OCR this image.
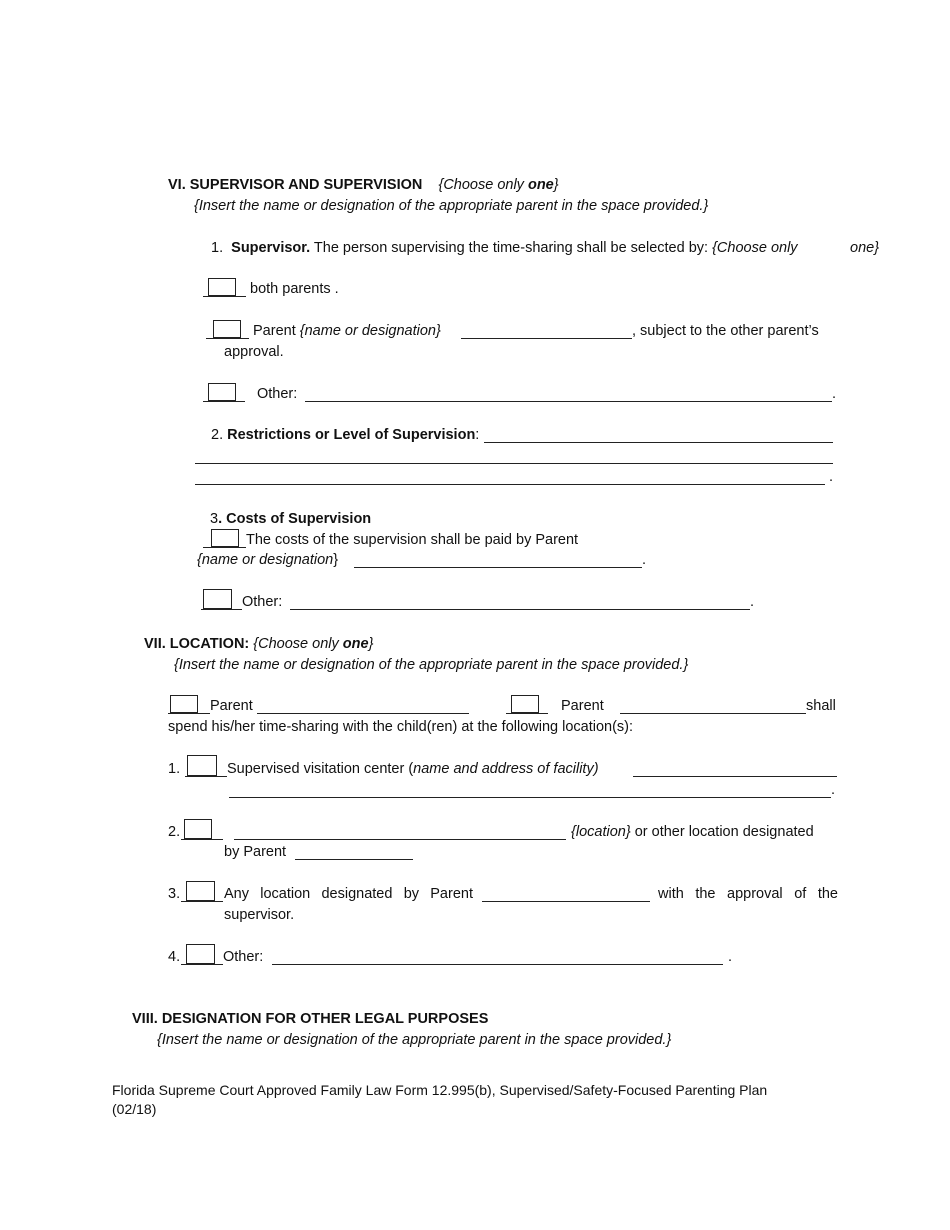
VI. SUPERVISOR AND SUPERVISION {Choose only one}
{Insert the name or designation of the appropriate parent in the space provided.}
1. Supervisor. The person supervising the time-sharing shall be selected by: {Choose only	one}
both parents .
Parent {name or designation}	, subject to the other parent’s
approval.
Other:	.
2. Restrictions or Level of Supervision:
.
3. Costs of Supervision
The costs of the supervision shall be paid by Parent
{name or designation}	.
Other:	.
VII. LOCATION: {Choose only one}
{Insert the name or designation of the appropriate parent in the space provided.}
Parent	Parent	shall
spend his/her time-sharing with the child(ren) at the following location(s):
1.	Supervised visitation center (name and address of facility)
.
2.	{location} or other location designated
by Parent
3.	Any location designated by Parent	with the approval of the
supervisor.
4.	Other:	.
VIII. DESIGNATION FOR OTHER LEGAL PURPOSES
{Insert the name or designation of the appropriate parent in the space provided.}
Florida Supreme Court Approved Family Law Form 12.995(b), Supervised/Safety-Focused Parenting Plan
(02/18)
